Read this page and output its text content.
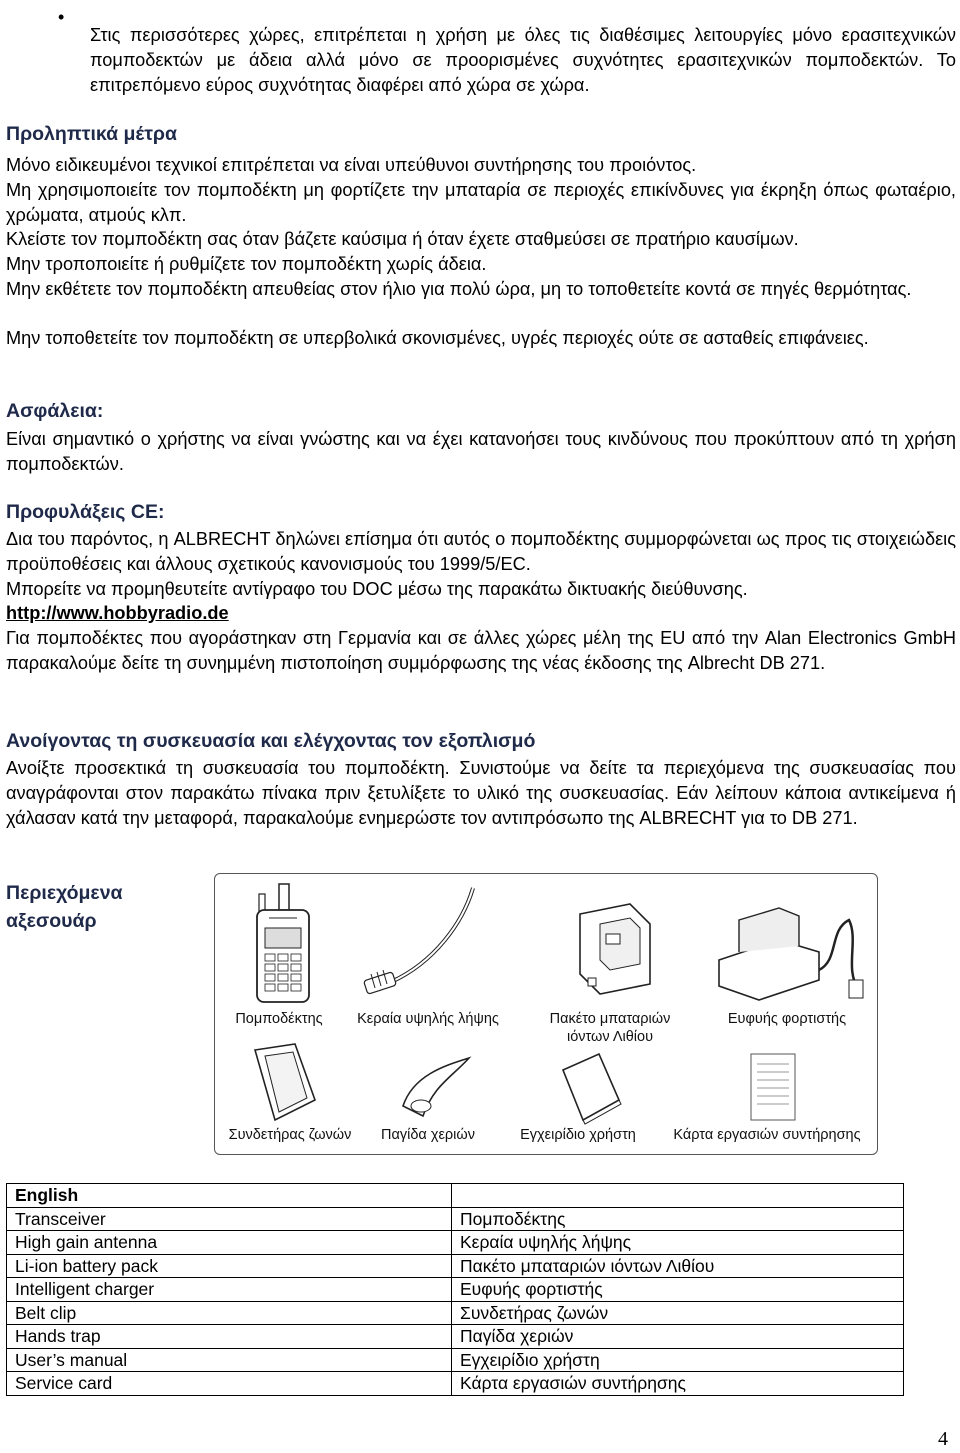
•

Στις περισσότερες χώρες, επιτρέπεται η χρήση με όλες τις διαθέσιμες λειτουργίες μόνο ερασιτεχνικών πομποδεκτών με άδεια αλλά μόνο σε προορισμένες συχνότητες ερασιτεχνικών πομποδεκτών. Το επιτρεπόμενο εύρος συχνότητας διαφέρει από χώρα σε χώρα.

Προληπτικά μέτρα

Μόνο ειδικευμένοι τεχνικοί επιτρέπεται να είναι υπεύθυνοι συντήρησης του προιόντος.

Μη χρησιμοποιείτε τον πομποδέκτη μη φορτίζετε την μπαταρία σε περιοχές επικίνδυνες για έκρηξη όπως φωταέριο, χρώματα, ατμούς κλπ.

Κλείστε τον πομποδέκτη σας όταν βάζετε καύσιμα ή όταν έχετε σταθμεύσει σε πρατήριο καυσίμων.

Μην τροποποιείτε ή ρυθμίζετε τον πομποδέκτη χωρίς άδεια.

Μην εκθέτετε τον πομποδέκτη απευθείας στον ήλιο για πολύ ώρα, μη το τοποθετείτε κοντά σε πηγές θερμότητας.

Μην τοποθετείτε τον πομποδέκτη σε υπερβολικά σκονισμένες, υγρές περιοχές ούτε σε ασταθείς επιφάνειες.

Ασφάλεια:

Είναι σημαντικό ο χρήστης να είναι γνώστης και να έχει κατανοήσει τους κινδύνους που προκύπτουν από τη χρήση πομποδεκτών.

Προφυλάξεις CE:

Δια του παρόντος, η ALBRECHT δηλώνει επίσημα ότι αυτός ο πομποδέκτης συμμορφώνεται ως προς τις στοιχειώδεις προϋποθέσεις και άλλους σχετικούς κανονισμούς του 1999/5/EC.

Μπορείτε να προμηθευτείτε αντίγραφο του DOC μέσω της παρακάτω δικτυακής διεύθυνσης.

http://www.hobbyradio.de

Για πομποδέκτες που αγοράστηκαν στη Γερμανία και σε άλλες χώρες μέλη της EU από την Alan Electronics GmbH παρακαλούμε δείτε τη συνημμένη πιστοποίηση συμμόρφωσης της νέας έκδοσης της Albrecht DB 271.

Ανοίγοντας τη συσκευασία και ελέγχοντας τον εξοπλισμό

Ανοίξτε προσεκτικά τη συσκευασία του πομποδέκτη. Συνιστούμε να δείτε τα περιεχόμενα της συσκευασίας που αναγράφονται στον παρακάτω πίνακα πριν ξετυλίξετε το υλικό της συσκευασίας. Εάν λείπουν κάποια αντικείμενα ή χάλασαν κατά την μεταφορά, παρακαλούμε ενημερώστε τον αντιπρόσωπο της ALBRECHT για το DB 271.

Περιεχόμενα

αξεσουάρ

Πομποδέκτης	Κεραία υψηλής λήψης	Πακέτο μπαταριών
ιόντων Λιθίου
Ευφυής φορτιστής
Συνδετήρας ζωνών	Παγίδα χεριών	Εγχειρίδιο χρήστη	Κάρτα εργασιών συντήρησης
English	
Transceiver	Πομποδέκτης
High gain antenna	Κεραία υψηλής λήψης
Li-ion battery pack	Πακέτο μπαταριών ιόντων Λιθίου
Intelligent charger	Ευφυής φορτιστής
Belt clip	Συνδετήρας ζωνών
Hands trap	Παγίδα χεριών
User’s manual	Εγχειρίδιο χρήστη
Service card	Κάρτα εργασιών συντήρησης
4
